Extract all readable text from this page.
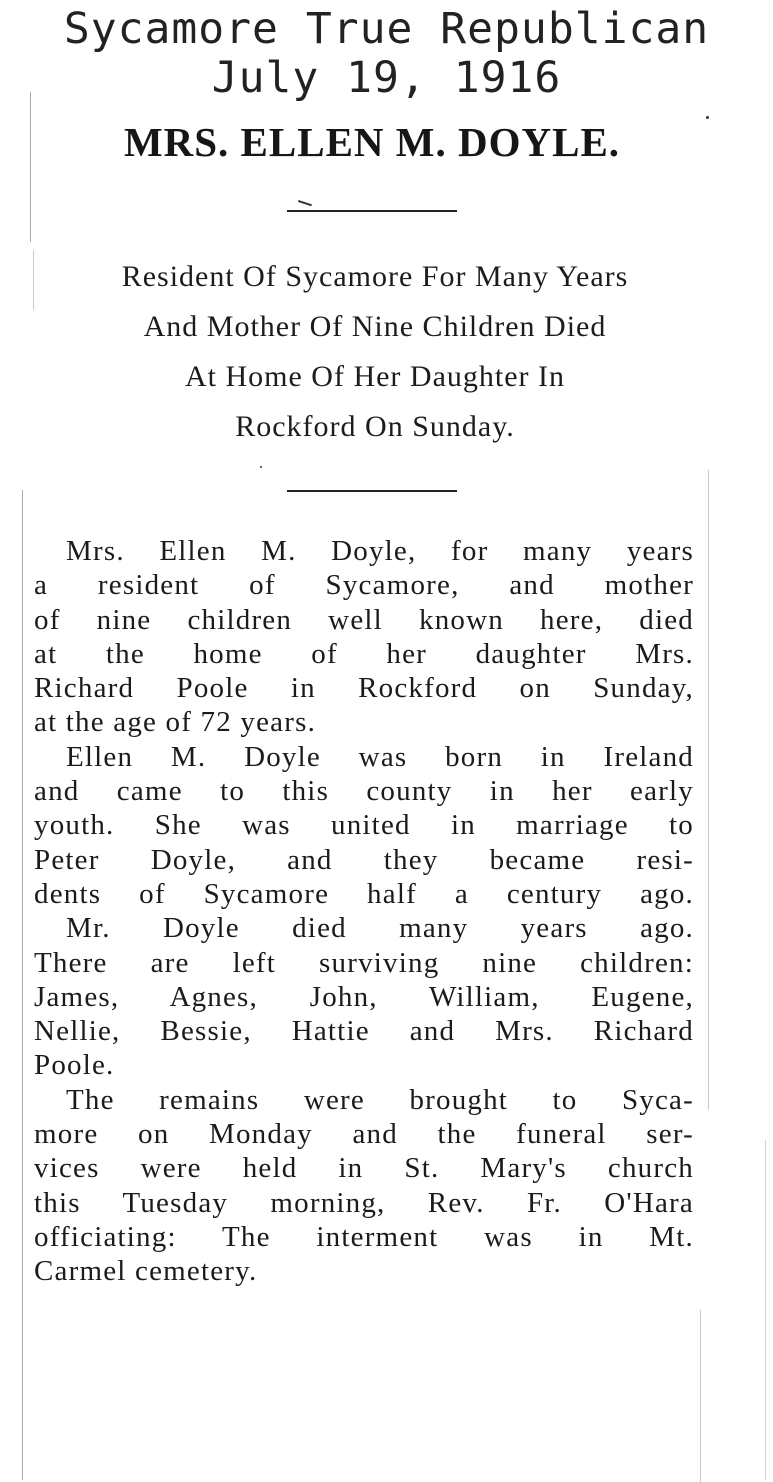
Sycamore True Republican
July 19, 1916
MRS. ELLEN M. DOYLE.
Resident Of Sycamore For Many Years
And Mother Of Nine Children Died
At Home Of Her Daughter In
Rockford On Sunday.
Mrs. Ellen M. Doyle, for many years
a resident of Sycamore, and mother
of nine children well known here, died
at the home of her daughter Mrs.
Richard Poole in Rockford on Sunday,
at the age of 72 years.
Ellen M. Doyle was born in Ireland
and came to this county in her early
youth. She was united in marriage to
Peter Doyle, and they became resi-
dents of Sycamore half a century ago.
Mr. Doyle died many years ago.
There are left surviving nine children:
James, Agnes, John, William, Eugene,
Nellie, Bessie, Hattie and Mrs. Richard
Poole.
The remains were brought to Syca-
more on Monday and the funeral ser-
vices were held in St. Mary's church
this Tuesday morning, Rev. Fr. O'Hara
officiating: The interment was in Mt.
Carmel cemetery.
